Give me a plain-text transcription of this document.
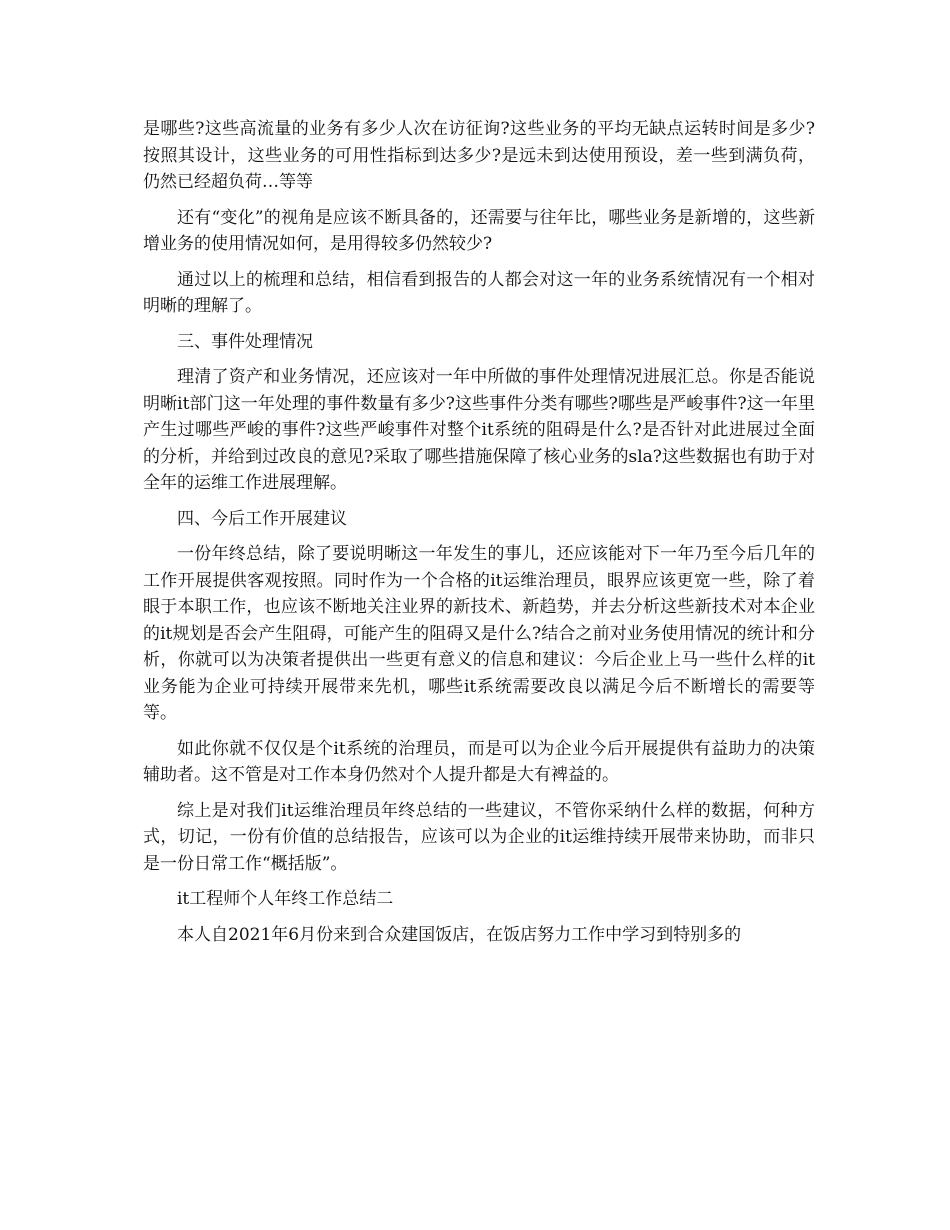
是哪些?这些高流量的业务有多少人次在访征询?这些业务的平均无缺点运转时间是多少?按照其设计，这些业务的可用性指标到达多少?是远未到达使用预设，差一些到满负荷，仍然已经超负荷…等等

还有“变化”的视角是应该不断具备的，还需要与往年比，哪些业务是新增的，这些新增业务的使用情况如何，是用得较多仍然较少?

通过以上的梳理和总结，相信看到报告的人都会对这一年的业务系统情况有一个相对明晰的理解了。

三、事件处理情况

理清了资产和业务情况，还应该对一年中所做的事件处理情况进展汇总。你是否能说明晰it部门这一年处理的事件数量有多少?这些事件分类有哪些?哪些是严峻事件?这一年里产生过哪些严峻的事件?这些严峻事件对整个it系统的阻碍是什么?是否针对此进展过全面的分析，并给到过改良的意见?采取了哪些措施保障了核心业务的sla?这些数据也有助于对全年的运维工作进展理解。

四、今后工作开展建议

一份年终总结，除了要说明晰这一年发生的事儿，还应该能对下一年乃至今后几年的工作开展提供客观按照。同时作为一个合格的it运维治理员，眼界应该更宽一些，除了着眼于本职工作，也应该不断地关注业界的新技术、新趋势，并去分析这些新技术对本企业的it规划是否会产生阻碍，可能产生的阻碍又是什么?结合之前对业务使用情况的统计和分析，你就可以为决策者提供出一些更有意义的信息和建议：今后企业上马一些什么样的it业务能为企业可持续开展带来先机，哪些it系统需要改良以满足今后不断增长的需要等等。

如此你就不仅仅是个it系统的治理员，而是可以为企业今后开展提供有益助力的决策辅助者。这不管是对工作本身仍然对个人提升都是大有裨益的。

综上是对我们it运维治理员年终总结的一些建议，不管你采纳什么样的数据，何种方式，切记，一份有价值的总结报告，应该可以为企业的it运维持续开展带来协助，而非只是一份日常工作“概括版”。

it工程师个人年终工作总结二

本人自2021年6月份来到合众建国饭店，在饭店努力工作中学习到特别多的
